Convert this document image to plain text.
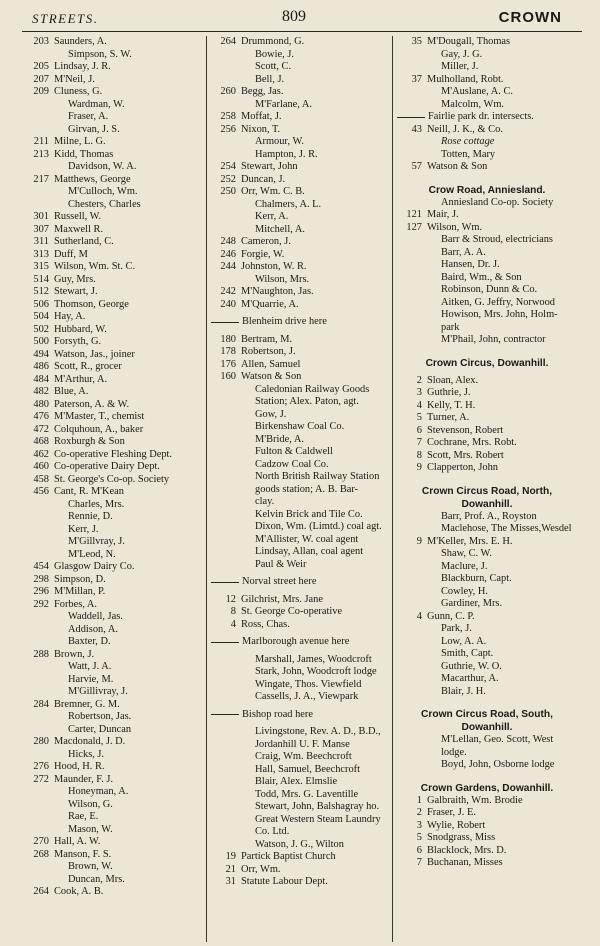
STREETS.	809	CROWN
203 Saunders, A.
Simpson, S. W.
205 Lindsay, J. R.
207 M'Neil, J.
209 Cluness, G.
Wardman, W.
Fraser, A.
Girvan, J. S.
211 Milne, L. G.
213 Kidd, Thomas
Davidson, W. A.
217 Matthews, George
M'Culloch, Wm.
Chesters, Charles
301 Russell, W.
307 Maxwell R.
311 Sutherland, C.
313 Duff, M
315 Wilson, Wm. St. C.
514 Guy, Mrs.
512 Stewart, J.
506 Thomson, George
504 Hay, A.
502 Hubbard, W.
500 Forsyth, G.
494 Watson, Jas., joiner
486 Scott, R., grocer
484 M'Arthur, A.
482 Blue, A.
480 Paterson, A. & W.
476 M'Master, T., chemist
472 Colquhoun, A., baker
468 Roxburgh & Son
462 Co-operative Fleshing Dept.
460 Co-operative Dairy Dept.
458 St. George's Co-op. Society
456 Cant, R. M'Kean
Charles, Mrs.
Rennie, D.
Kerr, J.
M'Gillvray, J.
M'Leod, N.
454 Glasgow Dairy Co.
298 Simpson, D.
296 M'Millan, P.
292 Forbes, A.
Waddell, Jas.
Addison, A.
Baxter, D.
288 Brown, J.
Watt, J. A.
Harvie, M.
M'Gillivray, J.
284 Bremner, G. M.
Robertson, Jas.
Carter, Duncan
280 Macdonald, J. D.
Hicks, J.
276 Hood, H. R.
272 Maunder, F. J.
Honeyman, A.
Wilson, G.
Rae, E.
Mason, W.
270 Hall, A. W.
268 Manson, F. S.
Brown, W.
Duncan, Mrs.
264 Cook, A. B.
264 Drummond, G.
Bowie, J.
Scott, C.
Bell, J.
260 Begg, Jas.
M'Farlane, A.
258 Moffat, J.
256 Nixon, T.
Armour, W.
Hampton, J. R.
254 Stewart, John
252 Duncan, J.
250 Orr, Wm. C. B.
Chalmers, A. L.
Kerr, A.
Mitchell, A.
248 Cameron, J.
246 Forgie, W.
244 Johnston, W. R.
Wilson, Mrs.
242 M'Naughton, Jas.
240 M'Quarrie, A.
Blenheim drive here
180 Bertram, M.
178 Robertson, J.
176 Allen, Samuel
160 Watson & Son
Caledonian Railway Goods
Station; Alex. Paton, agt.
Gow, J.
Birkenshaw Coal Co.
M'Bride, A.
Fulton & Caldwell
Cadzow Coal Co.
North British Railway Station
goods station; A. B. Bar-
clay.
Kelvin Brick and Tile Co.
Dixon, Wm. (Limtd.) coal agt.
M'Allister, W. coal agent
Lindsay, Allan, coal agent
Paul & Weir
Norval street here
12 Gilchrist, Mrs. Jane
8 St. George Co-operative
4 Ross, Chas.
Marlborough avenue here
Marshall, James, Woodcroft
Stark, John, Woodcroft lodge
Wingate, Thos. Viewfield
Cassells, J. A., Viewpark
Bishop road here
Livingstone, Rev. A. D., B.D.,
Jordanhill U. F. Manse
Craig, Wm. Beechcroft
Hall, Samuel, Beechcroft
Blair, Alex. Elmslie
Todd, Mrs. G. Laventille
Stewart, John, Balshagray ho.
Great Western Steam Laundry
Co. Ltd.
Watson, J. G., Wilton
19 Partick Baptist Church
21 Orr, Wm.
31 Statute Labour Dept.
35 M'Dougall, Thomas
Gay, J. G.
Miller, J.
37 Mulholland, Robt.
M'Auslane, A. C.
Malcolm, Wm.
Fairlie park dr. intersects.
43 Neill, J. K., & Co.
Rose cottage
Totten, Mary
57 Watson & Son
Crow Road, Anniesland.
Anniesland Co-op. Society
121 Mair, J.
127 Wilson, Wm.
Barr & Stroud, electricians
Barr, A. A.
Hansen, Dr. J.
Baird, Wm., & Son
Robinson, Dunn & Co.
Aitken, G. Jeffry, Norwood
Howison, Mrs. John, Holm-
park
M'Phail, John, contractor
Crown Circus, Dowanhill.
2 Sloan, Alex.
3 Guthrie, J.
4 Kelly, T. H.
5 Turner, A.
6 Stevenson, Robert
7 Cochrane, Mrs. Robt.
8 Scott, Mrs. Robert
9 Clapperton, John
Crown Circus Road, North,
Dowanhill.
Barr, Prof. A., Royston
Maclehose, The Misses,Wesdel
9 M'Keller, Mrs. E. H.
Shaw, C. W.
Maclure, J.
Blackburn, Capt.
Cowley, H.
Gardiner, Mrs.
4 Gunn, C. P.
Park, J.
Low, A. A.
Smith, Capt.
Guthrie, W. O.
Macarthur, A.
Blair, J. H.
Crown Circus Road, South,
Dowanhill.
M'Lellan, Geo. Scott, West
lodge.
Boyd, John, Osborne lodge
Crown Gardens, Dowanhill.
1 Galbraith, Wm. Brodie
2 Fraser, J. E.
3 Wylie, Robert
5 Snodgrass, Miss
6 Blacklock, Mrs. D.
7 Buchanan, Misses
